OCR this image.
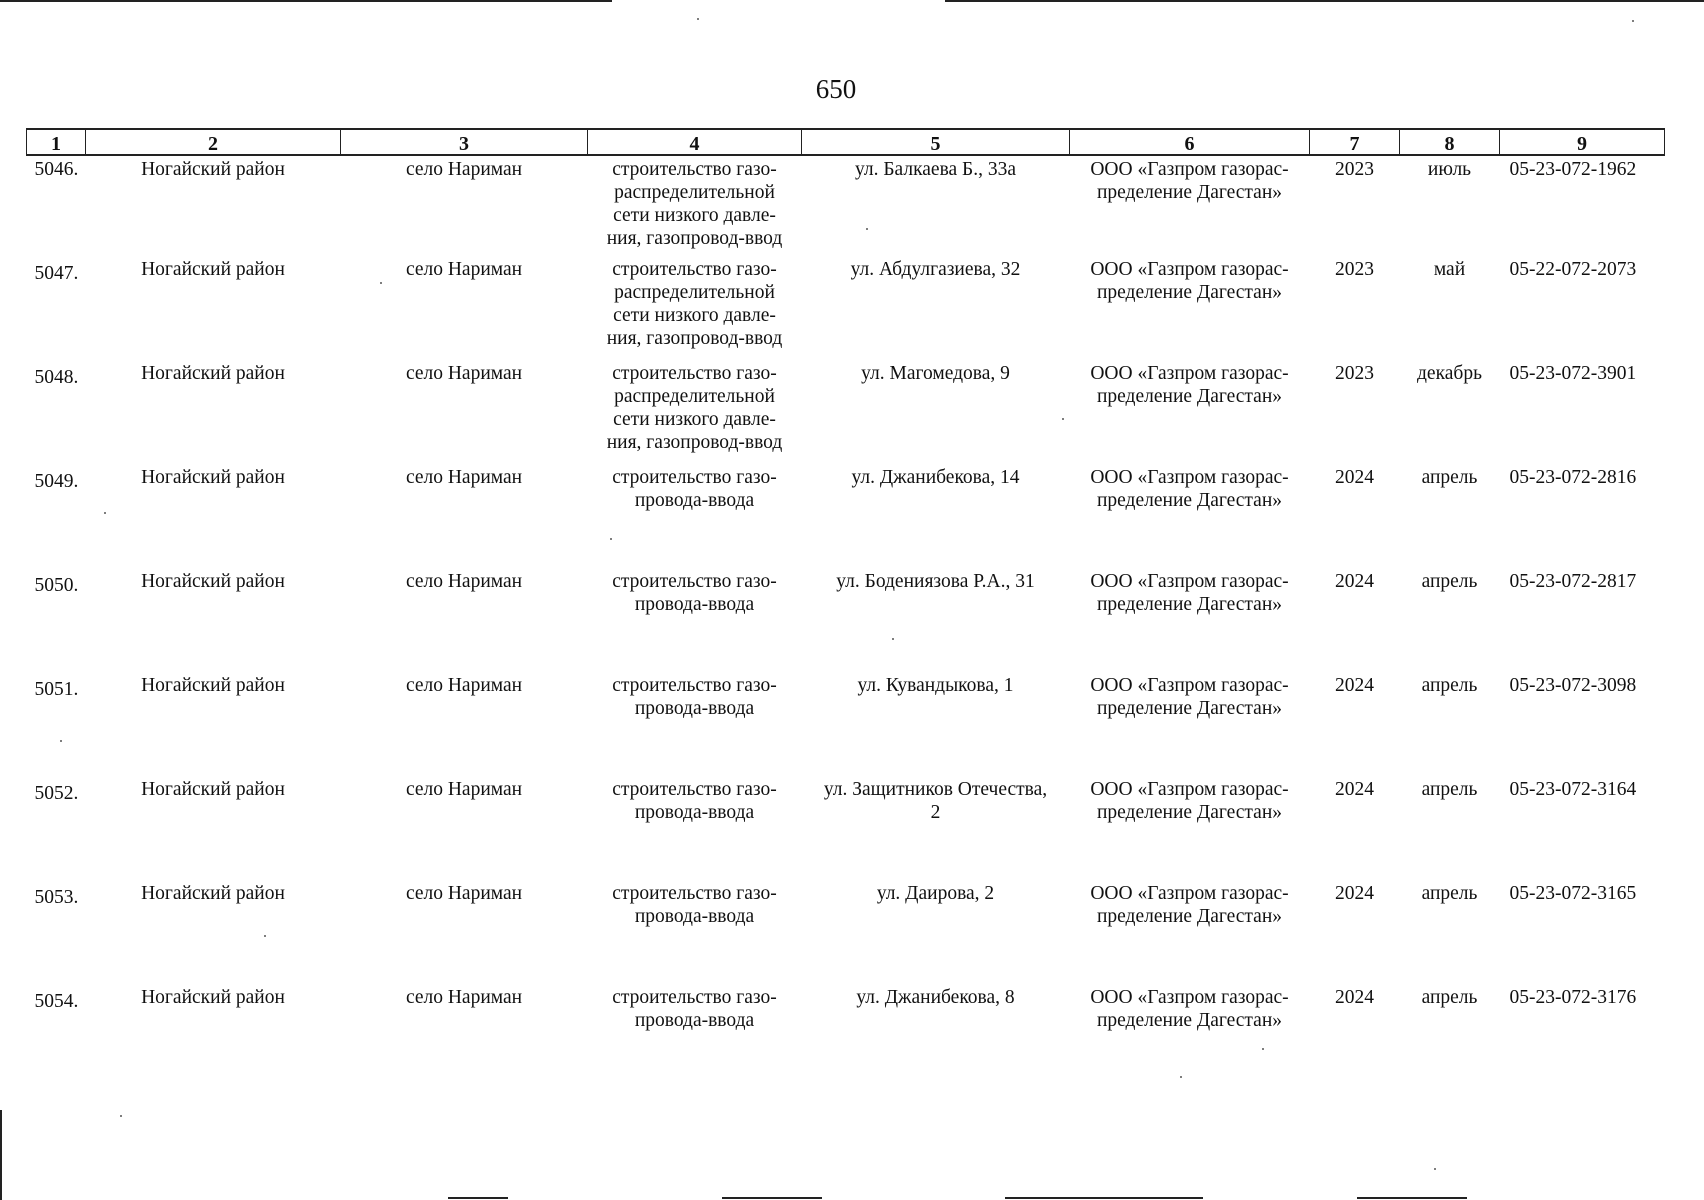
650
1	2	3	4	5	6	7	8	9
5046.	Ногайский район	село Нариман	строительство газо-
распределительной
сети низкого давле-
ния, газопровод-ввод	ул. Балкаева Б., 33а	ООО «Газпром газорас-
пределение Дагестан»	2023	июль	05-23-072-1962
5047.	Ногайский район	село Нариман	строительство газо-
распределительной
сети низкого давле-
ния, газопровод-ввод	ул. Абдулгазиева, 32	ООО «Газпром газорас-
пределение Дагестан»	2023	май	05-22-072-2073
5048.	Ногайский район	село Нариман	строительство газо-
распределительной
сети низкого давле-
ния, газопровод-ввод	ул. Магомедова, 9	ООО «Газпром газорас-
пределение Дагестан»	2023	декабрь	05-23-072-3901
5049.	Ногайский район	село Нариман	строительство газо-
провода-ввода	ул. Джанибекова, 14	ООО «Газпром газорас-
пределение Дагестан»	2024	апрель	05-23-072-2816
5050.	Ногайский район	село Нариман	строительство газо-
провода-ввода	ул. Бодениязова Р.А., 31	ООО «Газпром газорас-
пределение Дагестан»	2024	апрель	05-23-072-2817
5051.	Ногайский район	село Нариман	строительство газо-
провода-ввода	ул. Кувандыкова, 1	ООО «Газпром газорас-
пределение Дагестан»	2024	апрель	05-23-072-3098
5052.	Ногайский район	село Нариман	строительство газо-
провода-ввода	ул. Защитников Отечества,
2	ООО «Газпром газорас-
пределение Дагестан»	2024	апрель	05-23-072-3164
5053.	Ногайский район	село Нариман	строительство газо-
провода-ввода	ул. Даирова, 2	ООО «Газпром газорас-
пределение Дагестан»	2024	апрель	05-23-072-3165
5054.	Ногайский район	село Нариман	строительство газо-
провода-ввода	ул. Джанибекова, 8	ООО «Газпром газорас-
пределение Дагестан»	2024	апрель	05-23-072-3176
